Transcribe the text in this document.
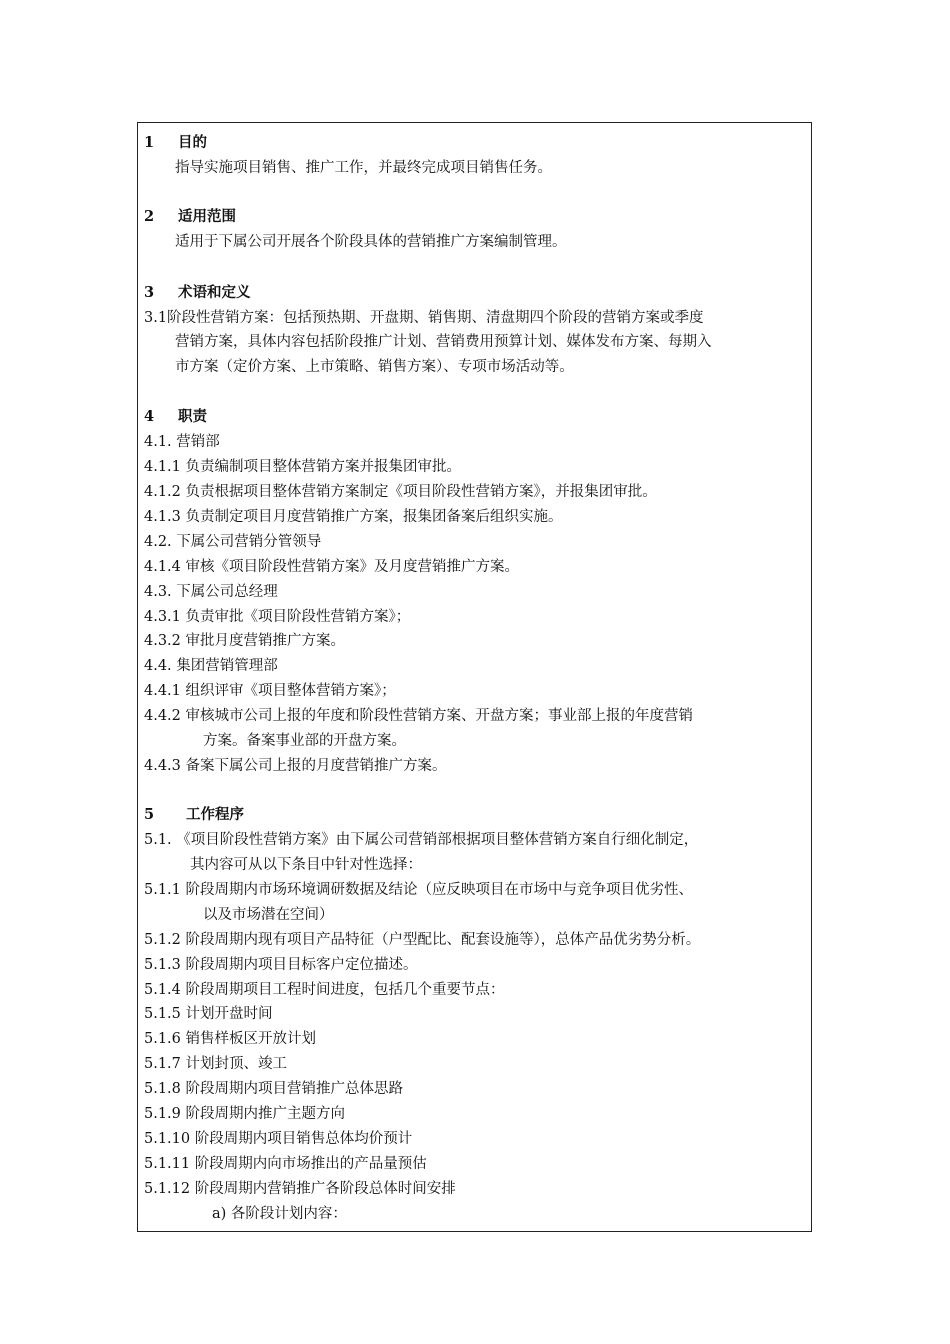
1 目的
指导实施项目销售、推广工作，并最终完成项目销售任务。
2 适用范围
适用于下属公司开展各个阶段具体的营销推广方案编制管理。
3 术语和定义
3.1阶段性营销方案：包括预热期、开盘期、销售期、清盘期四个阶段的营销方案或季度
营销方案，具体内容包括阶段推广计划、营销费用预算计划、媒体发布方案、每期入
市方案（定价方案、上市策略、销售方案）、专项市场活动等。
4 职责
4.1. 营销部
4.1.1 负责编制项目整体营销方案并报集团审批。
4.1.2 负责根据项目整体营销方案制定《项目阶段性营销方案》，并报集团审批。
4.1.3 负责制定项目月度营销推广方案，报集团备案后组织实施。
4.2. 下属公司营销分管领导
4.1.4 审核《项目阶段性营销方案》及月度营销推广方案。
4.3. 下属公司总经理
4.3.1 负责审批《项目阶段性营销方案》；
4.3.2 审批月度营销推广方案。
4.4. 集团营销管理部
4.4.1 组织评审《项目整体营销方案》；
4.4.2 审核城市公司上报的年度和阶段性营销方案、开盘方案；事业部上报的年度营销
方案。备案事业部的开盘方案。
4.4.3 备案下属公司上报的月度营销推广方案。
5 工作程序
5.1. 《项目阶段性营销方案》由下属公司营销部根据项目整体营销方案自行细化制定，
其内容可从以下条目中针对性选择：
5.1.1 阶段周期内市场环境调研数据及结论（应反映项目在市场中与竞争项目优劣性、
以及市场潜在空间）
5.1.2 阶段周期内现有项目产品特征（户型配比、配套设施等），总体产品优劣势分析。
5.1.3 阶段周期内项目目标客户定位描述。
5.1.4 阶段周期项目工程时间进度，包括几个重要节点：
5.1.5 计划开盘时间
5.1.6 销售样板区开放计划
5.1.7 计划封顶、竣工
5.1.8 阶段周期内项目营销推广总体思路
5.1.9 阶段周期内推广主题方向
5.1.10 阶段周期内项目销售总体均价预计
5.1.11 阶段周期内向市场推出的产品量预估
5.1.12 阶段周期内营销推广各阶段总体时间安排
a) 各阶段计划内容：
